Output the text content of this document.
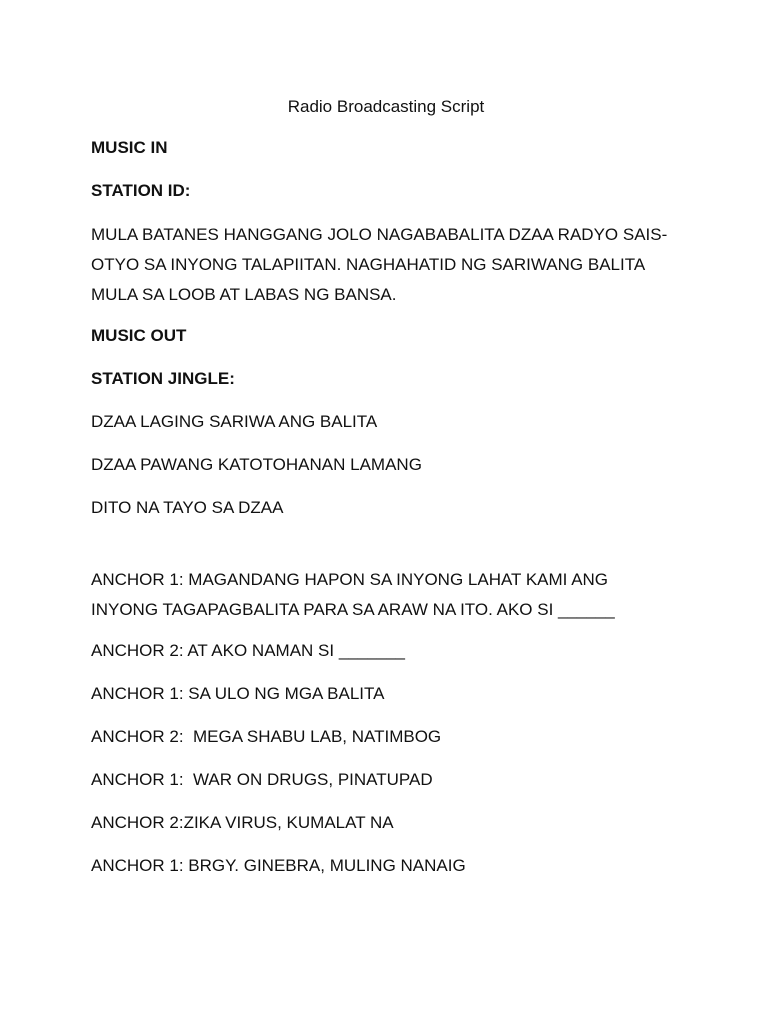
Radio Broadcasting Script
MUSIC IN
STATION ID:
MULA BATANES HANGGANG JOLO NAGABABALITA DZAA RADYO SAIS-
OTYO SA INYONG TALAPIITAN. NAGHAHATID NG SARIWANG BALITA
MULA SA LOOB AT LABAS NG BANSA.
MUSIC OUT
STATION JINGLE:
DZAA LAGING SARIWA ANG BALITA
DZAA PAWANG KATOTOHANAN LAMANG
DITO NA TAYO SA DZAA
ANCHOR 1: MAGANDANG HAPON SA INYONG LAHAT KAMI ANG
INYONG TAGAPAGBALITA PARA SA ARAW NA ITO. AKO SI ______
ANCHOR 2: AT AKO NAMAN SI _______
ANCHOR 1: SA ULO NG MGA BALITA
ANCHOR 2:  MEGA SHABU LAB, NATIMBOG
ANCHOR 1:  WAR ON DRUGS, PINATUPAD
ANCHOR 2:ZIKA VIRUS, KUMALAT NA
ANCHOR 1: BRGY. GINEBRA, MULING NANAIG
